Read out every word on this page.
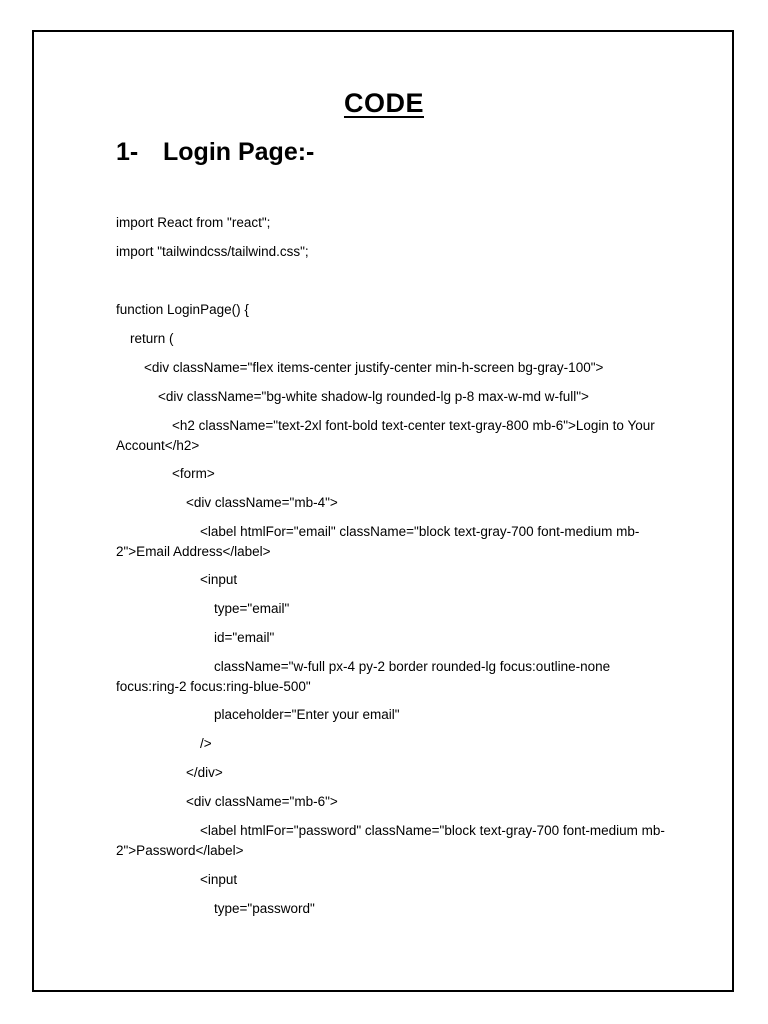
CODE
1- Login Page:-
import React from "react";
import "tailwindcss/tailwind.css";
function LoginPage() {
return (
<div className="flex items-center justify-center min-h-screen bg-gray-100">
<div className="bg-white shadow-lg rounded-lg p-8 max-w-md w-full">
<h2 className="text-2xl font-bold text-center text-gray-800 mb-6">Login to Your Account</h2>
<form>
<div className="mb-4">
<label htmlFor="email" className="block text-gray-700 font-medium mb-2">Email Address</label>
<input
type="email"
id="email"
className="w-full px-4 py-2 border rounded-lg focus:outline-none focus:ring-2 focus:ring-blue-500"
placeholder="Enter your email"
/>
</div>
<div className="mb-6">
<label htmlFor="password" className="block text-gray-700 font-medium mb-2">Password</label>
<input
type="password"
